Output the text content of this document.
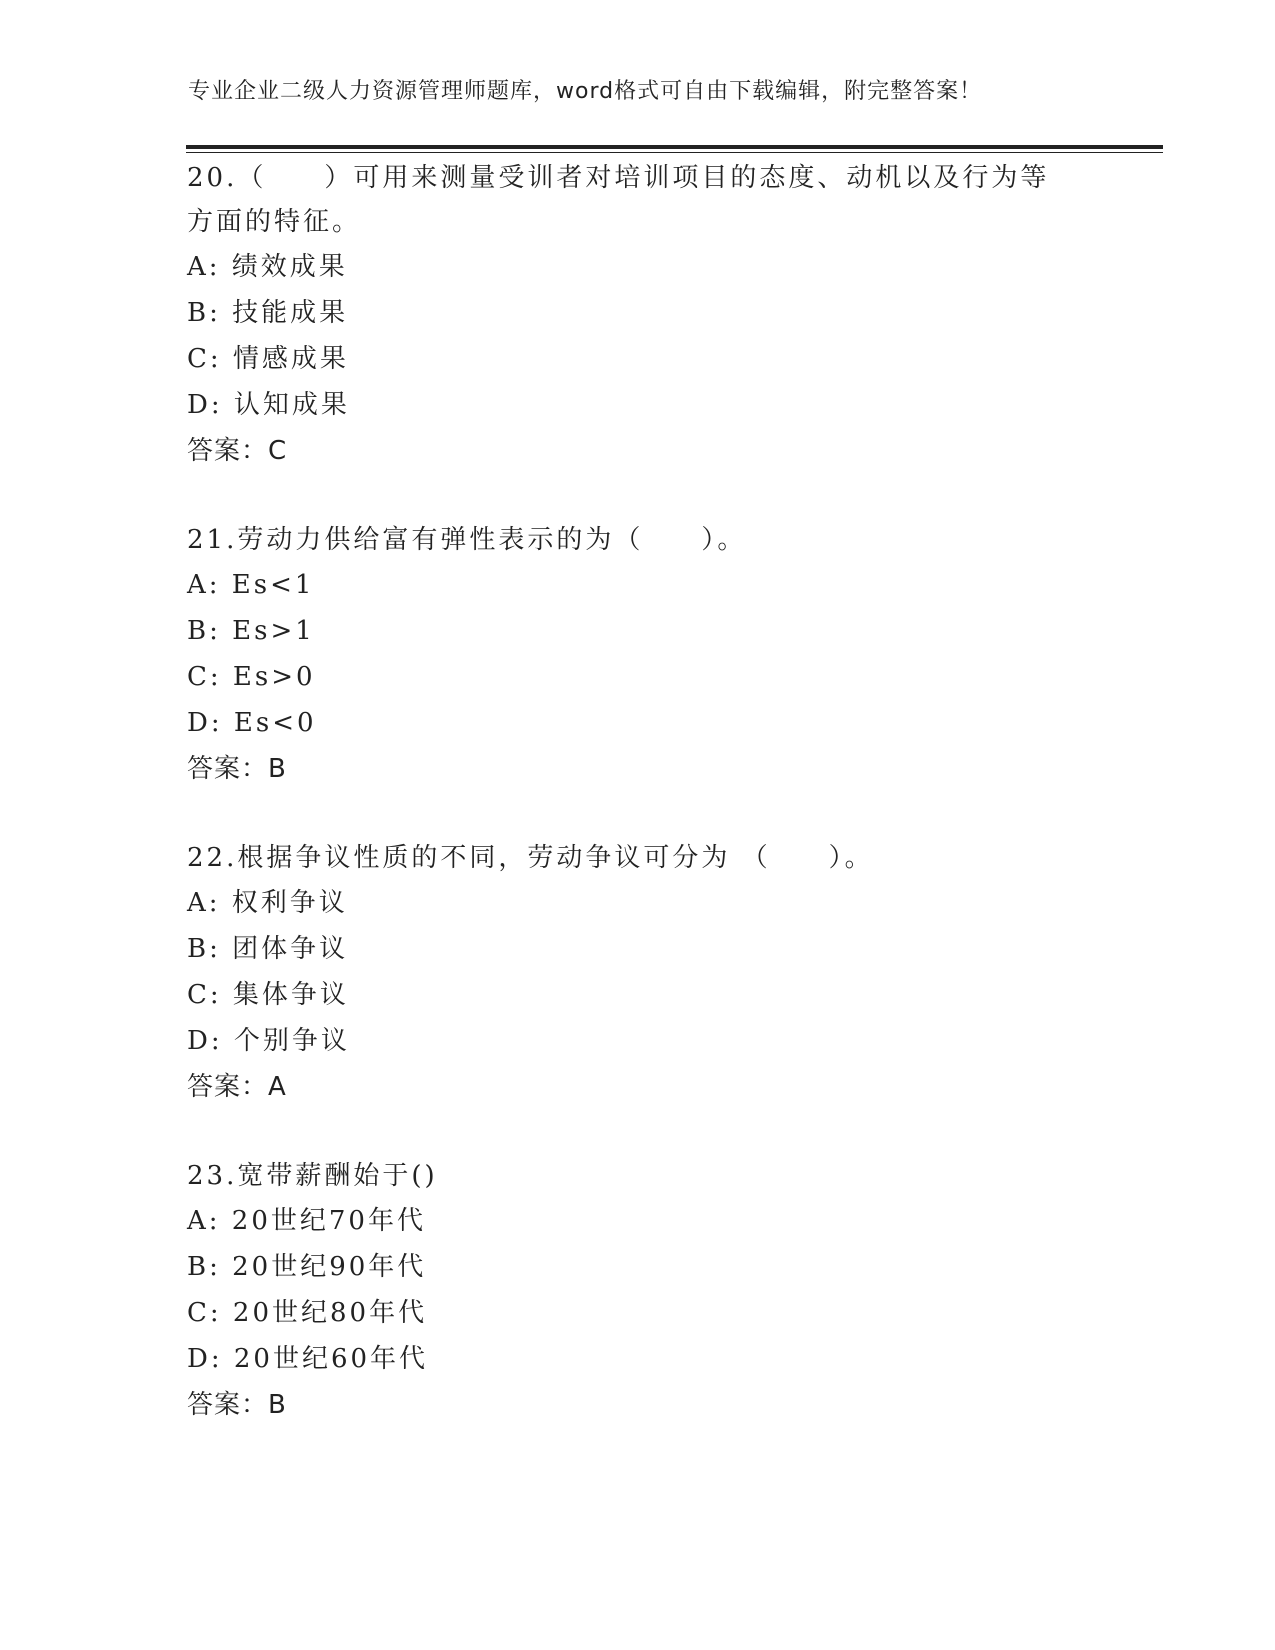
专业企业二级人力资源管理师题库，word格式可自由下载编辑，附完整答案！

20.（　　）可用来测量受训者对培训项目的态度、动机以及行为等方面的特征。

A: 绩效成果
B: 技能成果
C: 情感成果
D: 认知成果
答案：C

21.劳动力供给富有弹性表示的为（　　）。

A: Es<1
B: Es>1
C: Es>0
D: Es<0
答案：B

22.根据争议性质的不同，劳动争议可分为 （　　）。

A: 权利争议
B: 团体争议
C: 集体争议
D: 个别争议
答案：A

23.宽带薪酬始于()

A: 20世纪70年代
B: 20世纪90年代
C: 20世纪80年代
D: 20世纪60年代
答案：B
